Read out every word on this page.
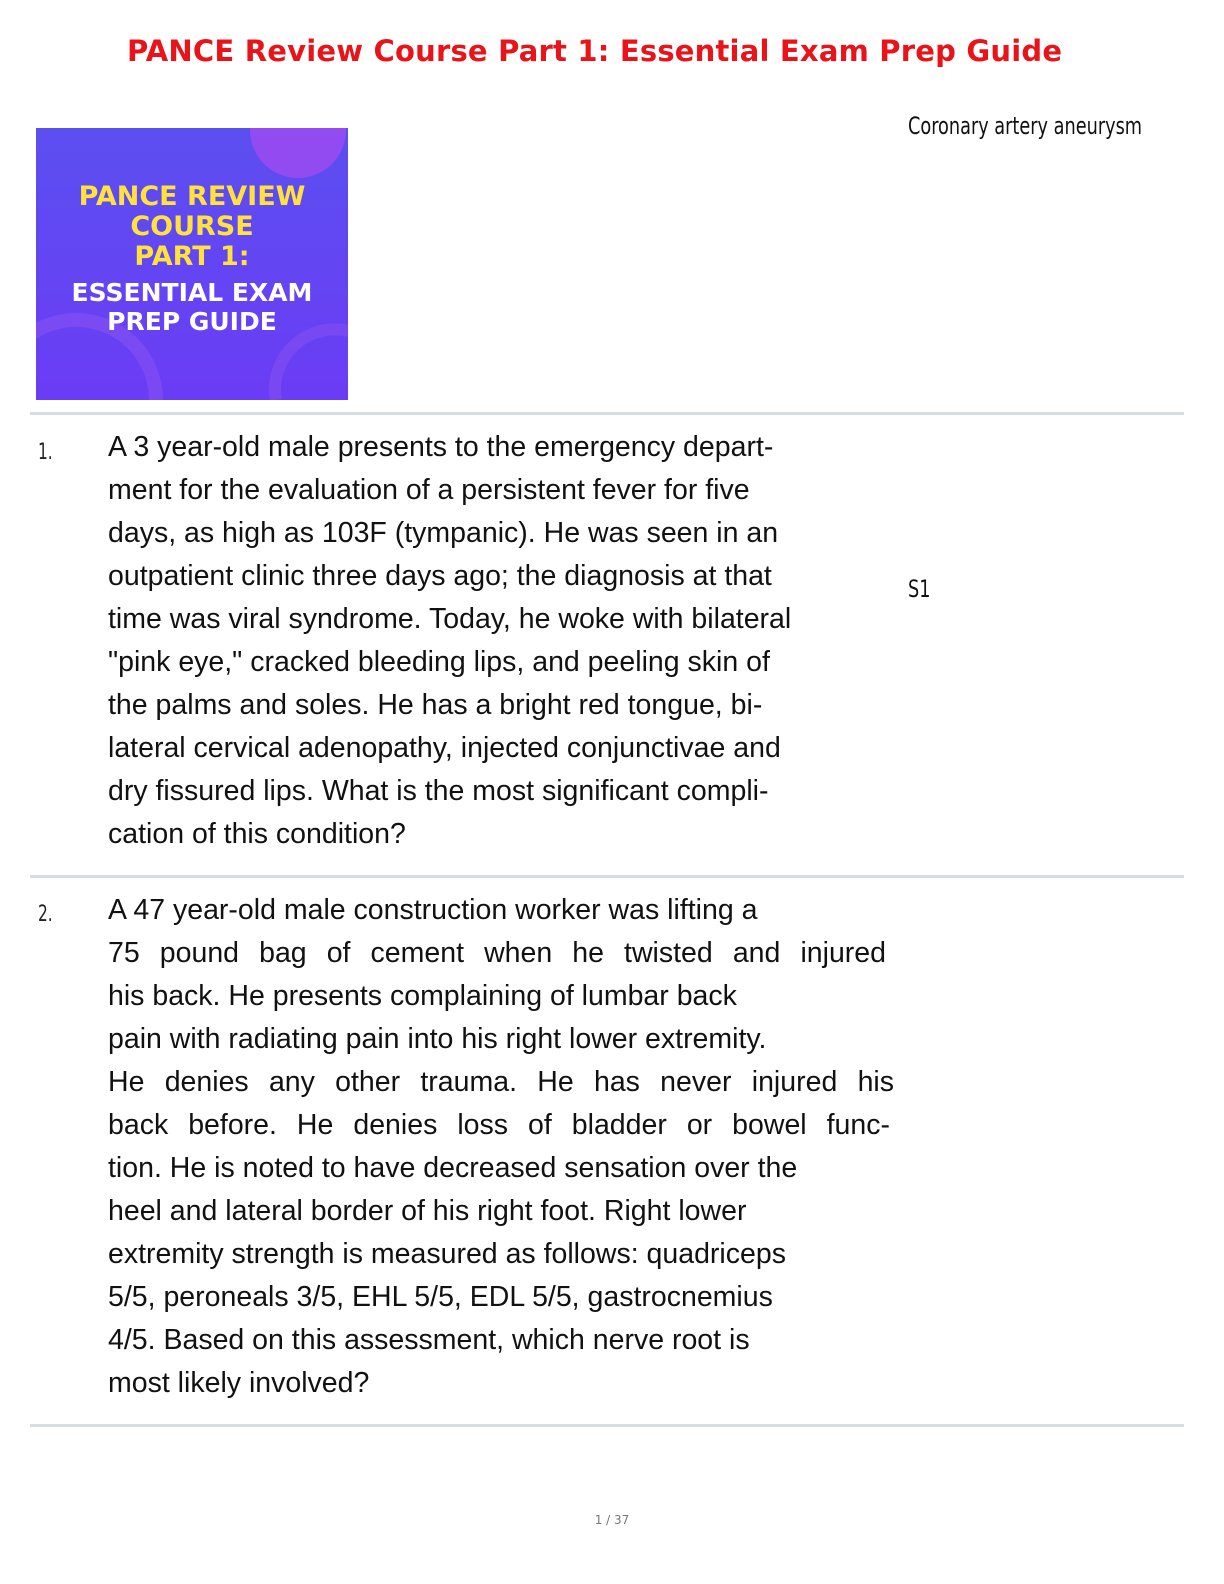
PANCE Review Course Part 1: Essential Exam Prep Guide
Coronary artery aneurysm
PANCE REVIEW
COURSE
PART 1:
ESSENTIAL EXAM
PREP GUIDE
1. A 3 year-old male presents to the emergency depart-
ment for the evaluation of a persistent fever for five
days, as high as 103F (tympanic). He was seen in an
outpatient clinic three days ago; the diagnosis at that
time was viral syndrome. Today, he woke with bilateral
"pink eye," cracked bleeding lips, and peeling skin of
the palms and soles. He has a bright red tongue, bi-
lateral cervical adenopathy, injected conjunctivae and
dry fissured lips. What is the most significant compli-
cation of this condition?
S1
2. A 47 year-old male construction worker was lifting a
75 pound bag of cement when he twisted and injured
his back. He presents complaining of lumbar back
pain with radiating pain into his right lower extremity.
He denies any other trauma. He has never injured his
back before. He denies loss of bladder or bowel func-
tion. He is noted to have decreased sensation over the
heel and lateral border of his right foot. Right lower
extremity strength is measured as follows: quadriceps
5/5, peroneals 3/5, EHL 5/5, EDL 5/5, gastrocnemius
4/5. Based on this assessment, which nerve root is
most likely involved?
1 / 37
